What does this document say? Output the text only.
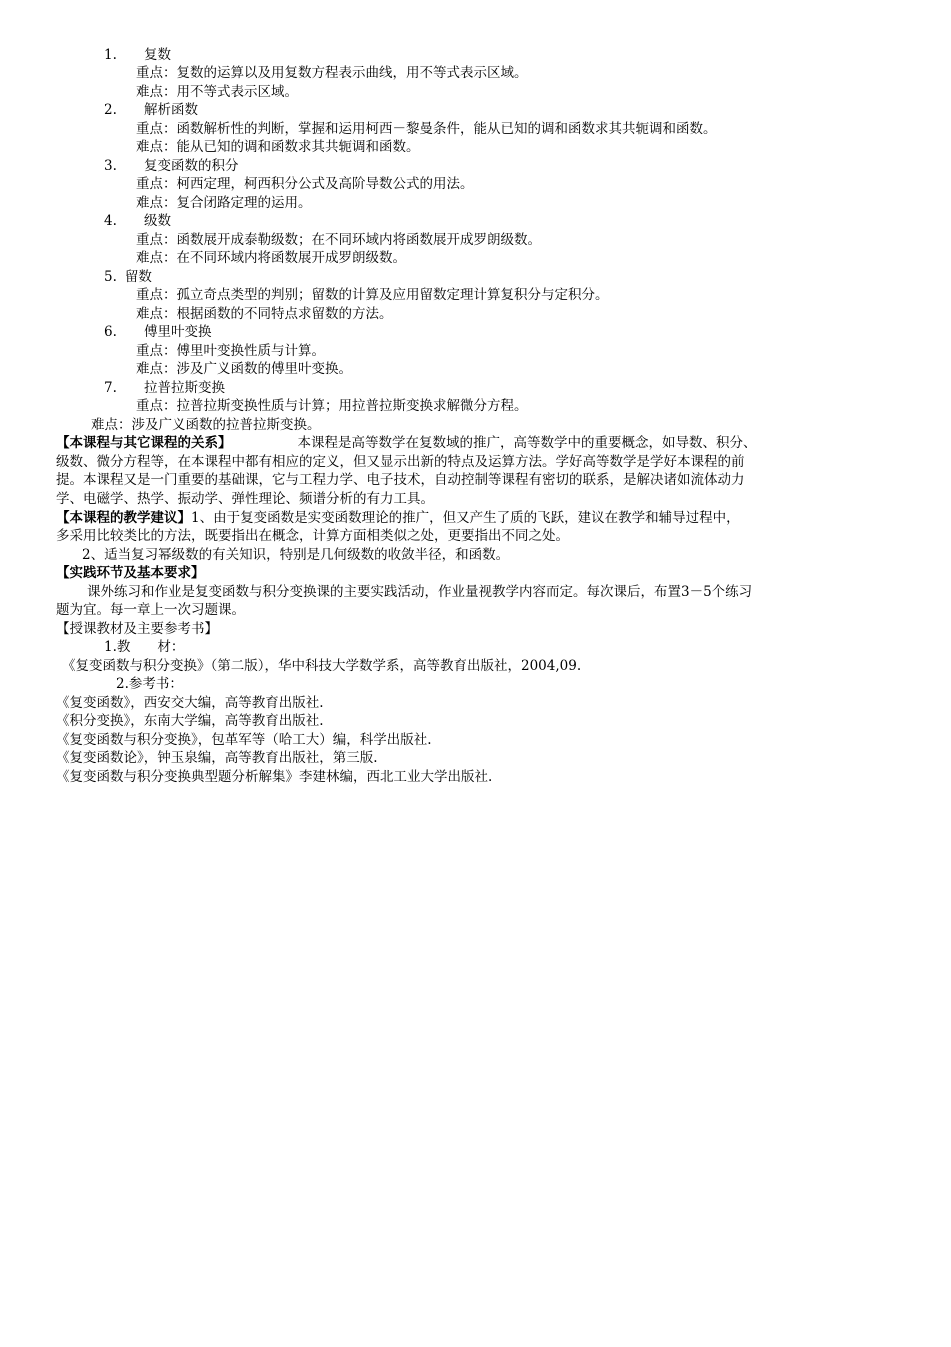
1. 复数
重点：复数的运算以及用复数方程表示曲线，用不等式表示区域。
难点：用不等式表示区域。
2. 解析函数
重点：函数解析性的判断，掌握和运用柯西－黎曼条件，能从已知的调和函数求其共轭调和函数。
难点：能从已知的调和函数求其共轭调和函数。
3. 复变函数的积分
重点：柯西定理，柯西积分公式及高阶导数公式的用法。
难点：复合闭路定理的运用。
4. 级数
重点：函数展开成泰勒级数；在不同环域内将函数展开成罗朗级数。
难点：在不同环域内将函数展开成罗朗级数。
5. 留数
重点：孤立奇点类型的判别；留数的计算及应用留数定理计算复积分与定积分。
难点：根据函数的不同特点求留数的方法。
6. 傅里叶变换
重点：傅里叶变换性质与计算。
难点：涉及广义函数的傅里叶变换。
7. 拉普拉斯变换
重点：拉普拉斯变换性质与计算；用拉普拉斯变换求解微分方程。
难点：涉及广义函数的拉普拉斯变换。
【本课程与其它课程的关系】	本课程是高等数学在复数域的推广，高等数学中的重要概念，如导数、积分、
级数、微分方程等，在本课程中都有相应的定义，但又显示出新的特点及运算方法。学好高等数学是学好本课程的前
提。本课程又是一门重要的基础课，它与工程力学、电子技术，自动控制等课程有密切的联系，是解决诸如流体动力
学、电磁学、热学、振动学、弹性理论、频谱分析的有力工具。
【本课程的教学建议】1、由于复变函数是实变函数理论的推广，但又产生了质的飞跃，建议在教学和辅导过程中，
多采用比较类比的方法，既要指出在概念，计算方面相类似之处，更要指出不同之处。
2、适当复习幂级数的有关知识，特别是几何级数的收敛半径，和函数。
【实践环节及基本要求】
课外练习和作业是复变函数与积分变换课的主要实践活动，作业量视教学内容而定。每次课后，布置3－5个练习
题为宜。每一章上一次习题课。
【授课教材及主要参考书】
1.教　　材：
《复变函数与积分变换》（第二版），华中科技大学数学系，高等教育出版社，2004,09.
2.参考书：
《复变函数》，西安交大编，高等教育出版社.
《积分变换》，东南大学编，高等教育出版社.
《复变函数与积分变换》，包革军等（哈工大）编，科学出版社.
《复变函数论》，钟玉泉编，高等教育出版社，第三版.
《复变函数与积分变换典型题分析解集》李建林编，西北工业大学出版社.
